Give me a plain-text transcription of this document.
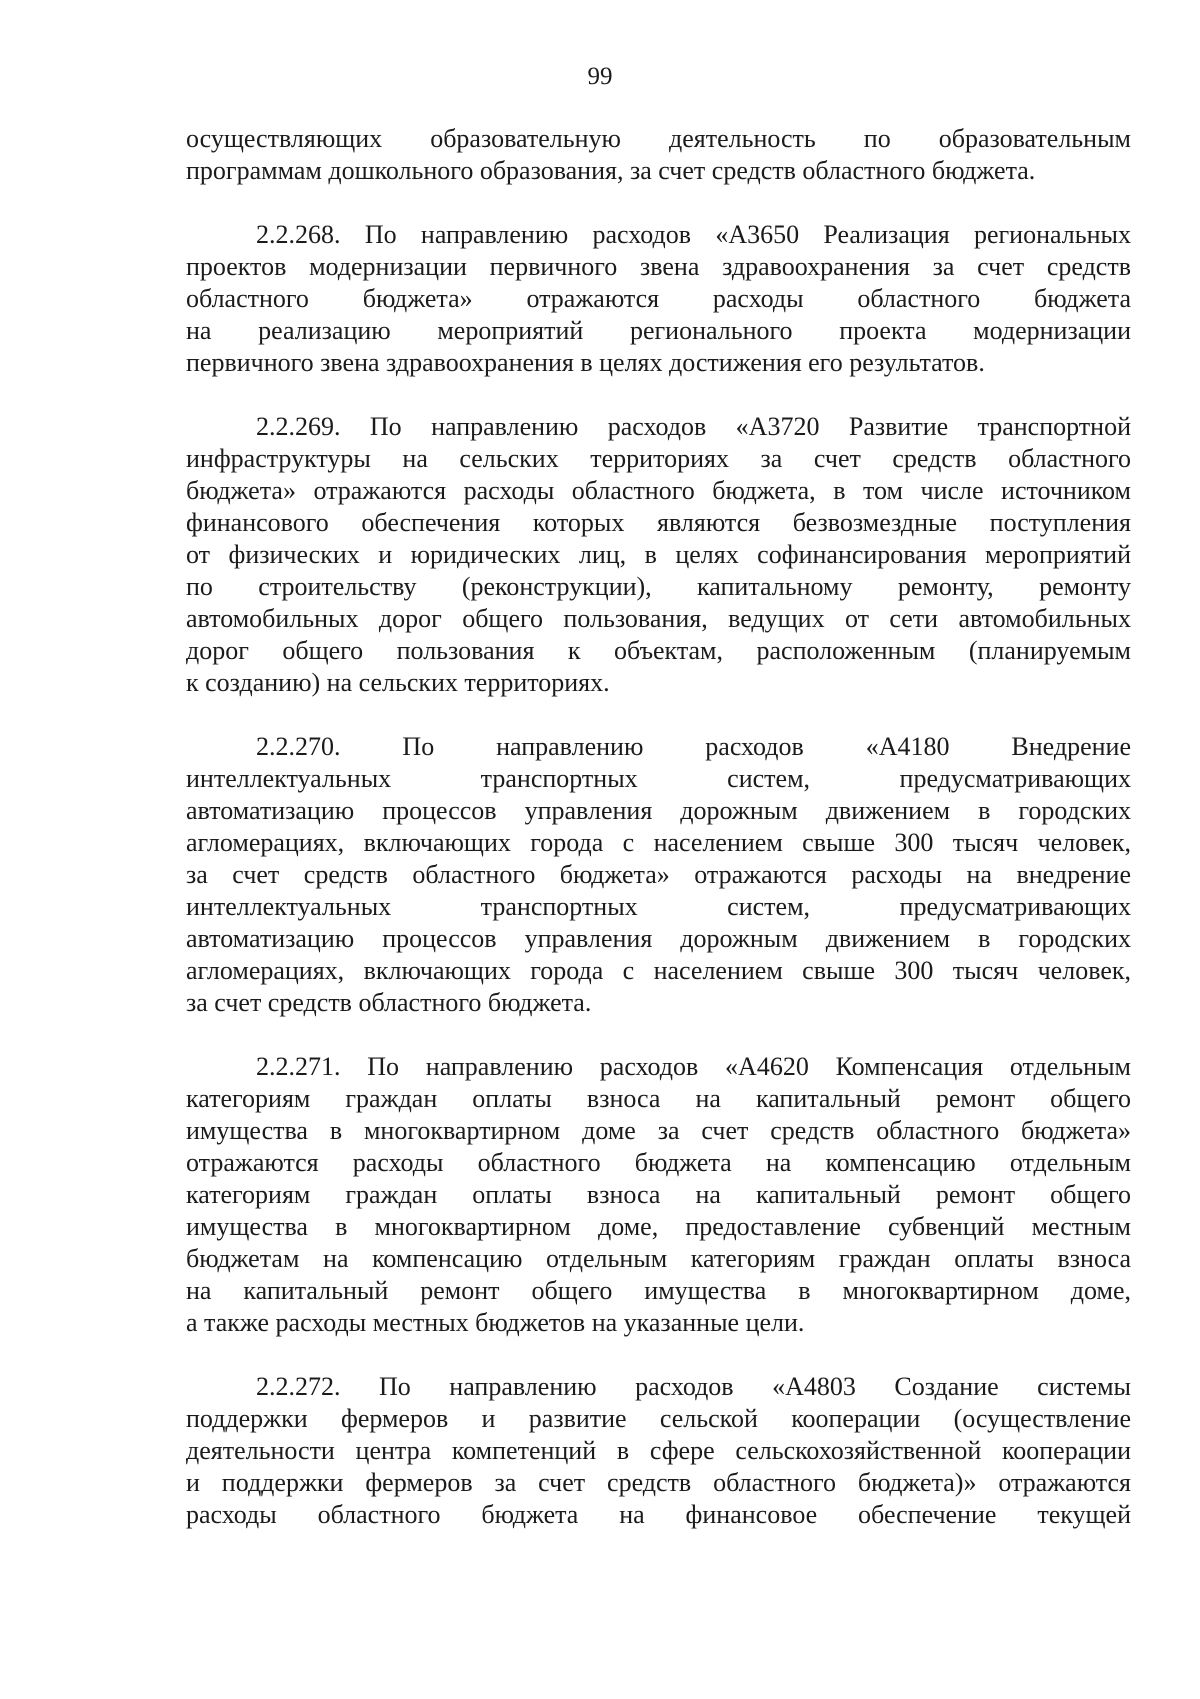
99

осуществляющих образовательную деятельность по образовательным
программам дошкольного образования, за счет средств областного бюджета.

2.2.268. По направлению расходов «А3650 Реализация региональных
проектов модернизации первичного звена здравоохранения за счет средств
областного бюджета» отражаются расходы областного бюджета
на реализацию мероприятий регионального проекта модернизации
первичного звена здравоохранения в целях достижения его результатов.

2.2.269. По направлению расходов «А3720 Развитие транспортной
инфраструктуры на сельских территориях за счет средств областного
бюджета» отражаются расходы областного бюджета, в том числе источником
финансового обеспечения которых являются безвозмездные поступления
от физических и юридических лиц, в целях софинансирования мероприятий
по строительству (реконструкции), капитальному ремонту, ремонту
автомобильных дорог общего пользования, ведущих от сети автомобильных
дорог общего пользования к объектам, расположенным (планируемым
к созданию) на сельских территориях.

2.2.270. По направлению расходов «А4180 Внедрение
интеллектуальных транспортных систем, предусматривающих
автоматизацию процессов управления дорожным движением в городских
агломерациях, включающих города с населением свыше 300 тысяч человек,
за счет средств областного бюджета» отражаются расходы на внедрение
интеллектуальных транспортных систем, предусматривающих
автоматизацию процессов управления дорожным движением в городских
агломерациях, включающих города с населением свыше 300 тысяч человек,
за счет средств областного бюджета.

2.2.271. По направлению расходов «А4620 Компенсация отдельным
категориям граждан оплаты взноса на капитальный ремонт общего
имущества в многоквартирном доме за счет средств областного бюджета»
отражаются расходы областного бюджета на компенсацию отдельным
категориям граждан оплаты взноса на капитальный ремонт общего
имущества в многоквартирном доме, предоставление субвенций местным
бюджетам на компенсацию отдельным категориям граждан оплаты взноса
на капитальный ремонт общего имущества в многоквартирном доме,
а также расходы местных бюджетов на указанные цели.

2.2.272. По направлению расходов «А4803 Создание системы
поддержки фермеров и развитие сельской кооперации (осуществление
деятельности центра компетенций в сфере сельскохозяйственной кооперации
и поддержки фермеров за счет средств областного бюджета)» отражаются
расходы областного бюджета на финансовое обеспечение текущей
